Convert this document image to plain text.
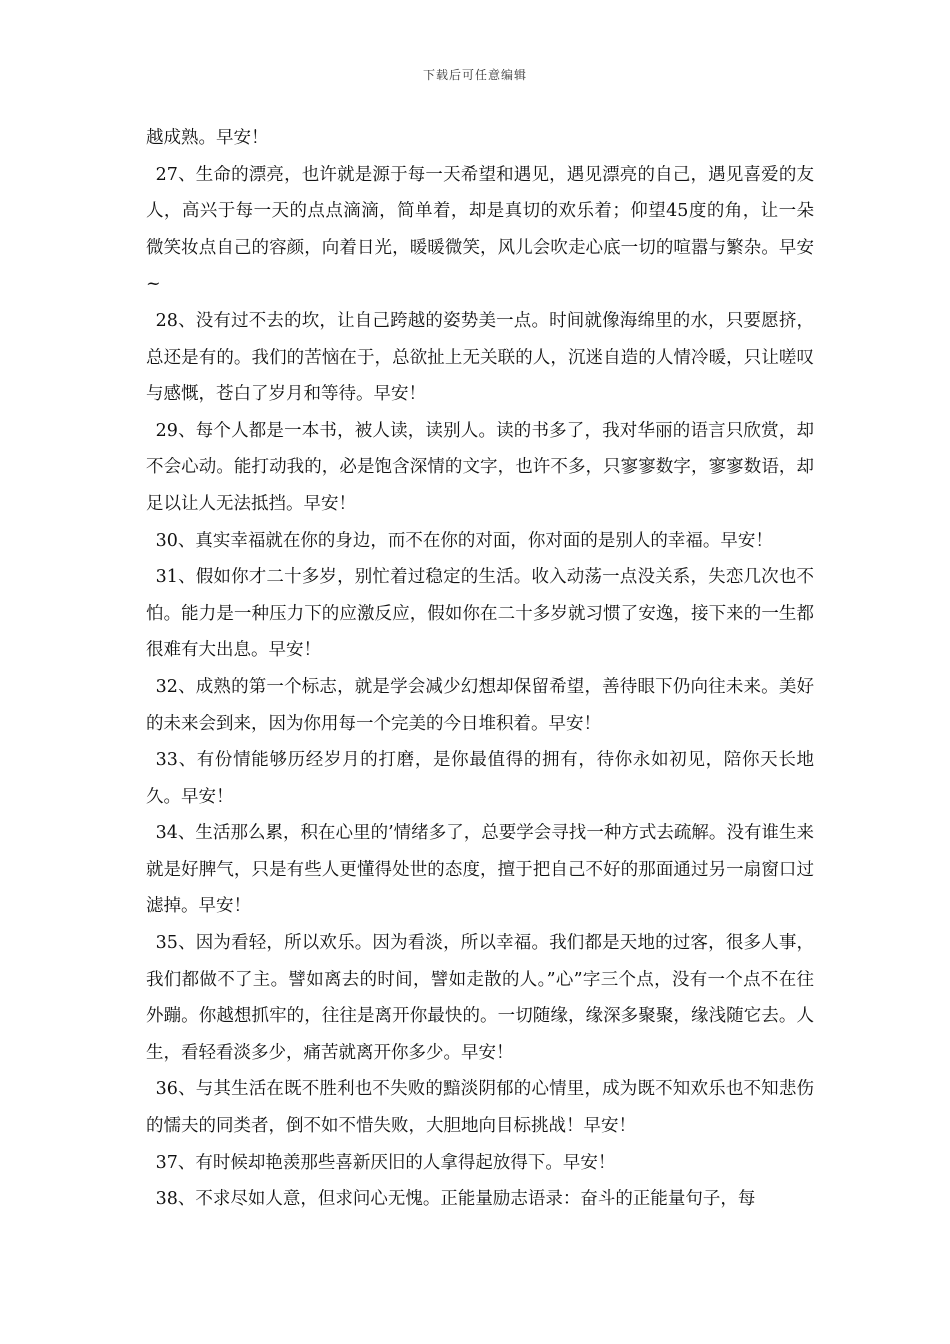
下载后可任意编辑

越成熟。早安！

27、生命的漂亮，也许就是源于每一天希望和遇见，遇见漂亮的自己，遇见喜爱的友人，高兴于每一天的点点滴滴，简单着，却是真切的欢乐着；仰望45度的角，让一朵微笑妆点自己的容颜，向着日光，暖暖微笑，风儿会吹走心底一切的喧嚣与繁杂。早安~

28、没有过不去的坎，让自己跨越的姿势美一点。时间就像海绵里的水，只要愿挤，总还是有的。我们的苦恼在于，总欲扯上无关联的人，沉迷自造的人情冷暖，只让嗟叹与感慨，苍白了岁月和等待。早安！

29、每个人都是一本书，被人读，读别人。读的书多了，我对华丽的语言只欣赏，却不会心动。能打动我的，必是饱含深情的文字，也许不多，只寥寥数字，寥寥数语，却足以让人无法抵挡。早安！

30、真实幸福就在你的身边，而不在你的对面，你对面的是别人的幸福。早安！

31、假如你才二十多岁，别忙着过稳定的生活。收入动荡一点没关系，失恋几次也不怕。能力是一种压力下的应激反应，假如你在二十多岁就习惯了安逸，接下来的一生都很难有大出息。早安！

32、成熟的第一个标志，就是学会减少幻想却保留希望，善待眼下仍向往未来。美好的未来会到来，因为你用每一个完美的今日堆积着。早安！

33、有份情能够历经岁月的打磨，是你最值得的拥有，待你永如初见，陪你天长地久。早安！

34、生活那么累，积在心里的’情绪多了，总要学会寻找一种方式去疏解。没有谁生来就是好脾气，只是有些人更懂得处世的态度，擅于把自己不好的那面通过另一扇窗口过滤掉。早安！

35、因为看轻，所以欢乐。因为看淡，所以幸福。我们都是天地的过客，很多人事，我们都做不了主。譬如离去的时间，譬如走散的人。”心”字三个点，没有一个点不在往外蹦。你越想抓牢的，往往是离开你最快的。一切随缘，缘深多聚聚，缘浅随它去。人生，看轻看淡多少，痛苦就离开你多少。早安！

36、与其生活在既不胜利也不失败的黯淡阴郁的心情里，成为既不知欢乐也不知悲伤的懦夫的同类者，倒不如不惜失败，大胆地向目标挑战！早安！

37、有时候却艳羡那些喜新厌旧的人拿得起放得下。早安！

38、不求尽如人意，但求问心无愧。正能量励志语录：奋斗的正能量句子，每
